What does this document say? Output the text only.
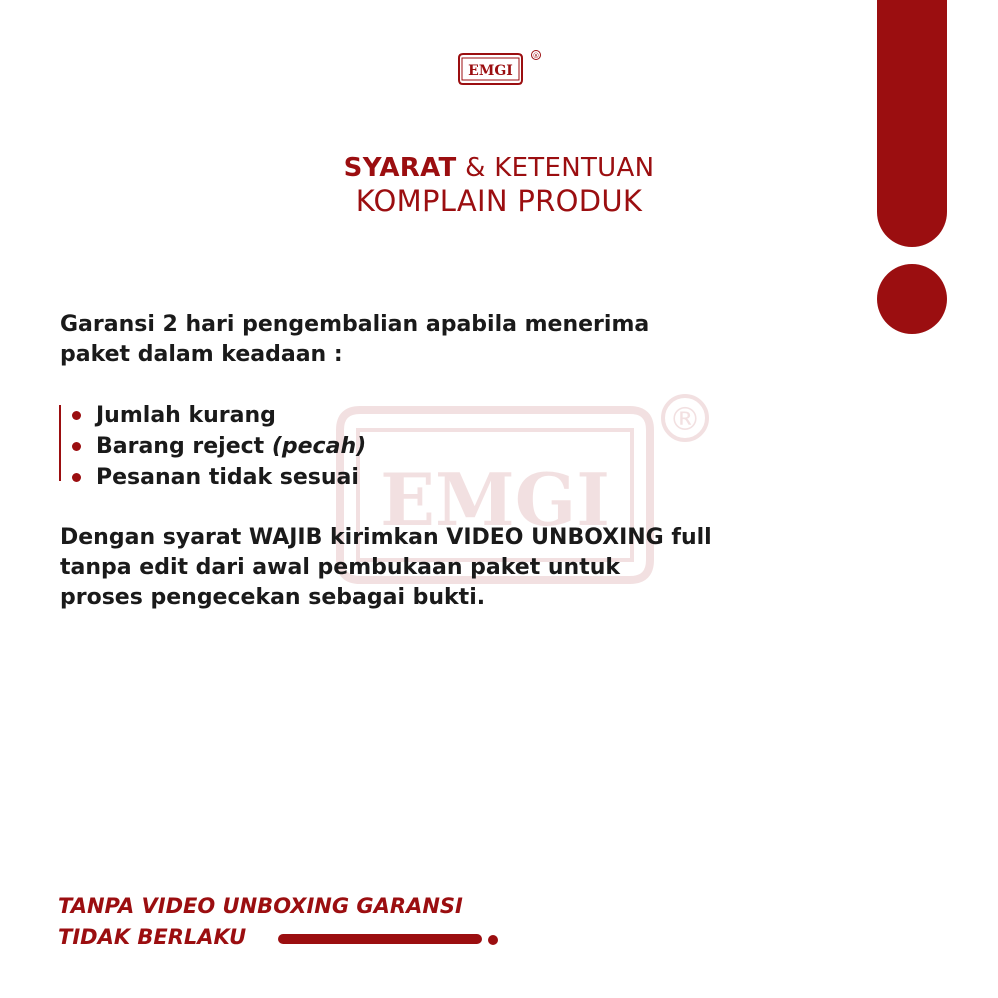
EMGI
®
SYARAT & KETENTUAN
KOMPLAIN PRODUK
EMGI
®
Garansi 2 hari pengembalian apabila menerima
paket dalam keadaan :
Jumlah kurang
Barang reject (pecah)
Pesanan tidak sesuai
Dengan syarat WAJIB kirimkan VIDEO UNBOXING full
tanpa edit dari awal pembukaan paket untuk
proses pengecekan sebagai bukti.
TANPA VIDEO UNBOXING GARANSI
TIDAK BERLAKU
